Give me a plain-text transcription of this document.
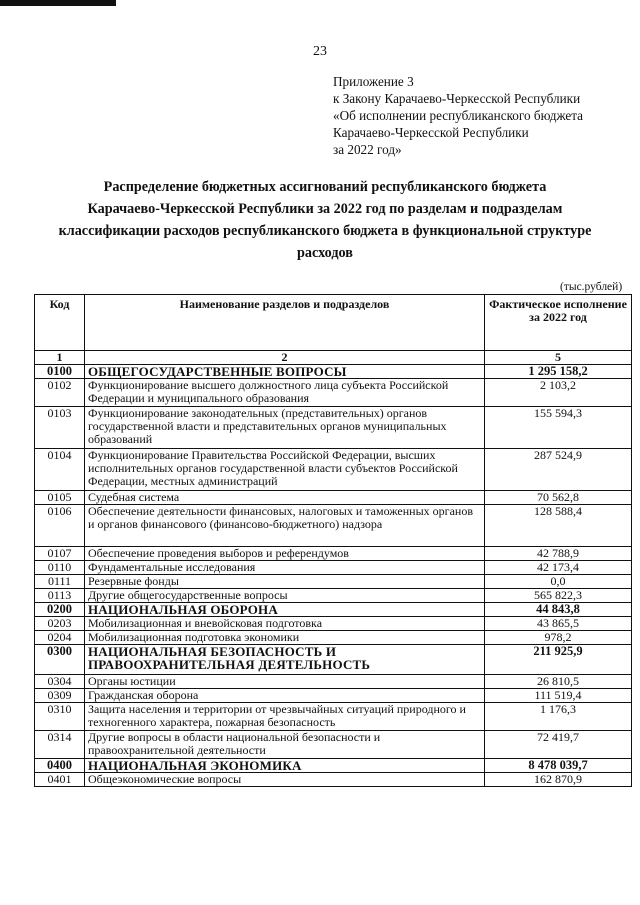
23
Приложение 3
к Закону Карачаево-Черкесской Республики
«Об исполнении республиканского бюджета
Карачаево-Черкесской Республики
за 2022 год»
Распределение бюджетных ассигнований республиканского бюджета
Карачаево-Черкесской Республики за 2022 год по разделам и подразделам
классификации расходов республиканского бюджета в функциональной структуре
расходов
(тыс.рублей)
Код	Наименование разделов и подразделов	Фактическое исполнение за 2022 год
1	2	5
0100	ОБЩЕГОСУДАРСТВЕННЫЕ ВОПРОСЫ	1 295 158,2
0102	Функционирование высшего должностного лица субъекта Российской Федерации и муниципального образования	2 103,2
0103	Функционирование законодательных (представительных) органов государственной власти и представительных органов муниципальных образований	155 594,3
0104	Функционирование Правительства Российской Федерации, высших исполнительных органов государственной власти субъектов Российской Федерации, местных администраций	287 524,9
0105	Судебная система	70 562,8
0106	Обеспечение деятельности финансовых, налоговых и таможенных органов и органов финансового (финансово-бюджетного) надзора	128 588,4
0107	Обеспечение проведения выборов и референдумов	42 788,9
0110	Фундаментальные исследования	42 173,4
0111	Резервные фонды	0,0
0113	Другие общегосударственные вопросы	565 822,3
0200	НАЦИОНАЛЬНАЯ ОБОРОНА	44 843,8
0203	Мобилизационная и вневойсковая подготовка	43 865,5
0204	Мобилизационная подготовка экономики	978,2
0300	НАЦИОНАЛЬНАЯ БЕЗОПАСНОСТЬ И ПРАВООХРАНИТЕЛЬНАЯ ДЕЯТЕЛЬНОСТЬ	211 925,9
0304	Органы юстиции	26 810,5
0309	Гражданская оборона	111 519,4
0310	Защита населения и территории от чрезвычайных ситуаций природного и техногенного характера, пожарная безопасность	1 176,3
0314	Другие вопросы в области национальной безопасности и правоохранительной деятельности	72 419,7
0400	НАЦИОНАЛЬНАЯ ЭКОНОМИКА	8 478 039,7
0401	Общеэкономические вопросы	162 870,9
